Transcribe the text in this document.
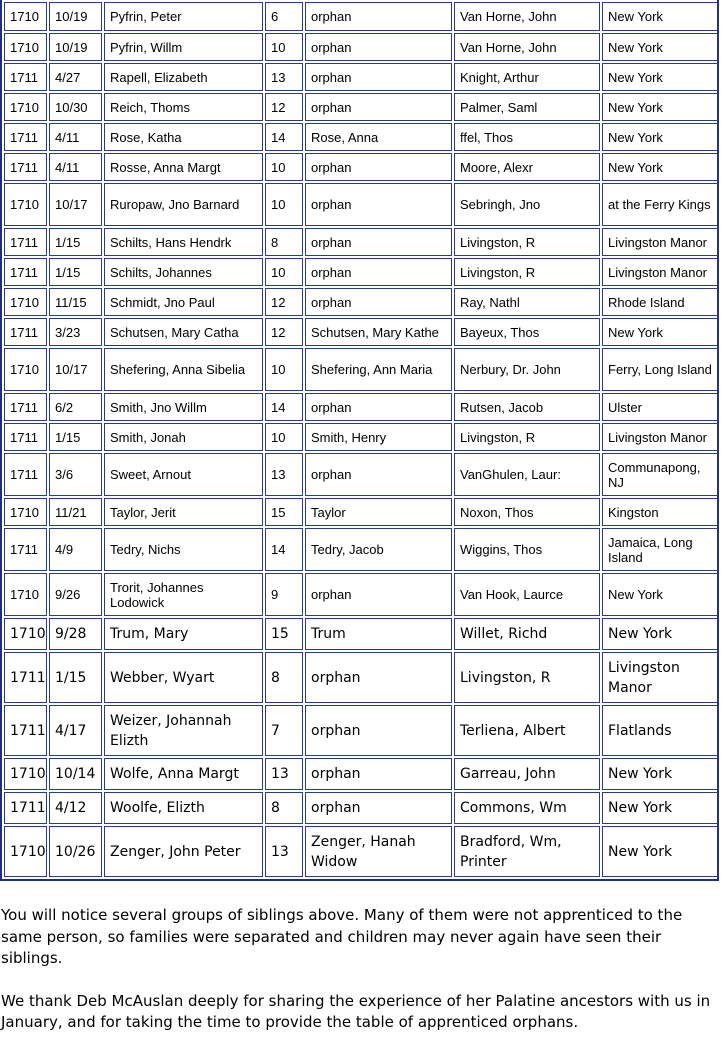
1710	10/19	Pyfrin, Peter	6	orphan	Van Horne, John	New York
1710	10/19	Pyfrin, Willm	10	orphan	Van Horne, John	New York
1711	4/27	Rapell, Elizabeth	13	orphan	Knight, Arthur	New York
1710	10/30	Reich, Thoms	12	orphan	Palmer, Saml	New York
1711	4/11	Rose, Katha	14	Rose, Anna	ffel, Thos	New York
1711	4/11	Rosse, Anna Margt	10	orphan	Moore, Alexr	New York
1710	10/17	Ruropaw, Jno Barnard	10	orphan	Sebringh, Jno	at the Ferry Kings
1711	1/15	Schilts, Hans Hendrk	8	orphan	Livingston, R	Livingston Manor
1711	1/15	Schilts, Johannes	10	orphan	Livingston, R	Livingston Manor
1710	11/15	Schmidt, Jno Paul	12	orphan	Ray, Nathl	Rhode Island
1711	3/23	Schutsen, Mary Catha	12	Schutsen, Mary Kathe	Bayeux, Thos	New York
1710	10/17	Shefering, Anna Sibelia	10	Shefering, Ann Maria	Nerbury, Dr. John	Ferry, Long Island
1711	6/2	Smith, Jno Willm	14	orphan	Rutsen, Jacob	Ulster
1711	1/15	Smith, Jonah	10	Smith, Henry	Livingston, R	Livingston Manor
1711	3/6	Sweet, Arnout	13	orphan	VanGhulen, Laur:	Communapong, NJ
1710	11/21	Taylor, Jerit	15	Taylor	Noxon, Thos	Kingston
1711	4/9	Tedry, Nichs	14	Tedry, Jacob	Wiggins, Thos	Jamaica, Long Island
1710	9/26	Trorit, Johannes Lodowick	9	orphan	Van Hook, Laurce	New York
1710	9/28	Trum, Mary	15	Trum	Willet, Richd	New York
1711	1/15	Webber, Wyart	8	orphan	Livingston, R	Livingston Manor
1711	4/17	Weizer, Johannah Elizth	7	orphan	Terliena, Albert	Flatlands
1710	10/14	Wolfe, Anna Margt	13	orphan	Garreau, John	New York
1711	4/12	Woolfe, Elizth	8	orphan	Commons, Wm	New York
1710	10/26	Zenger, John Peter	13	Zenger, Hanah Widow	Bradford, Wm, Printer	New York

You will notice several groups of siblings above. Many of them were not apprenticed to the same person, so families were separated and children may never again have seen their siblings.

We thank Deb McAuslan deeply for sharing the experience of her Palatine ancestors with us in January, and for taking the time to provide the table of apprenticed orphans.
